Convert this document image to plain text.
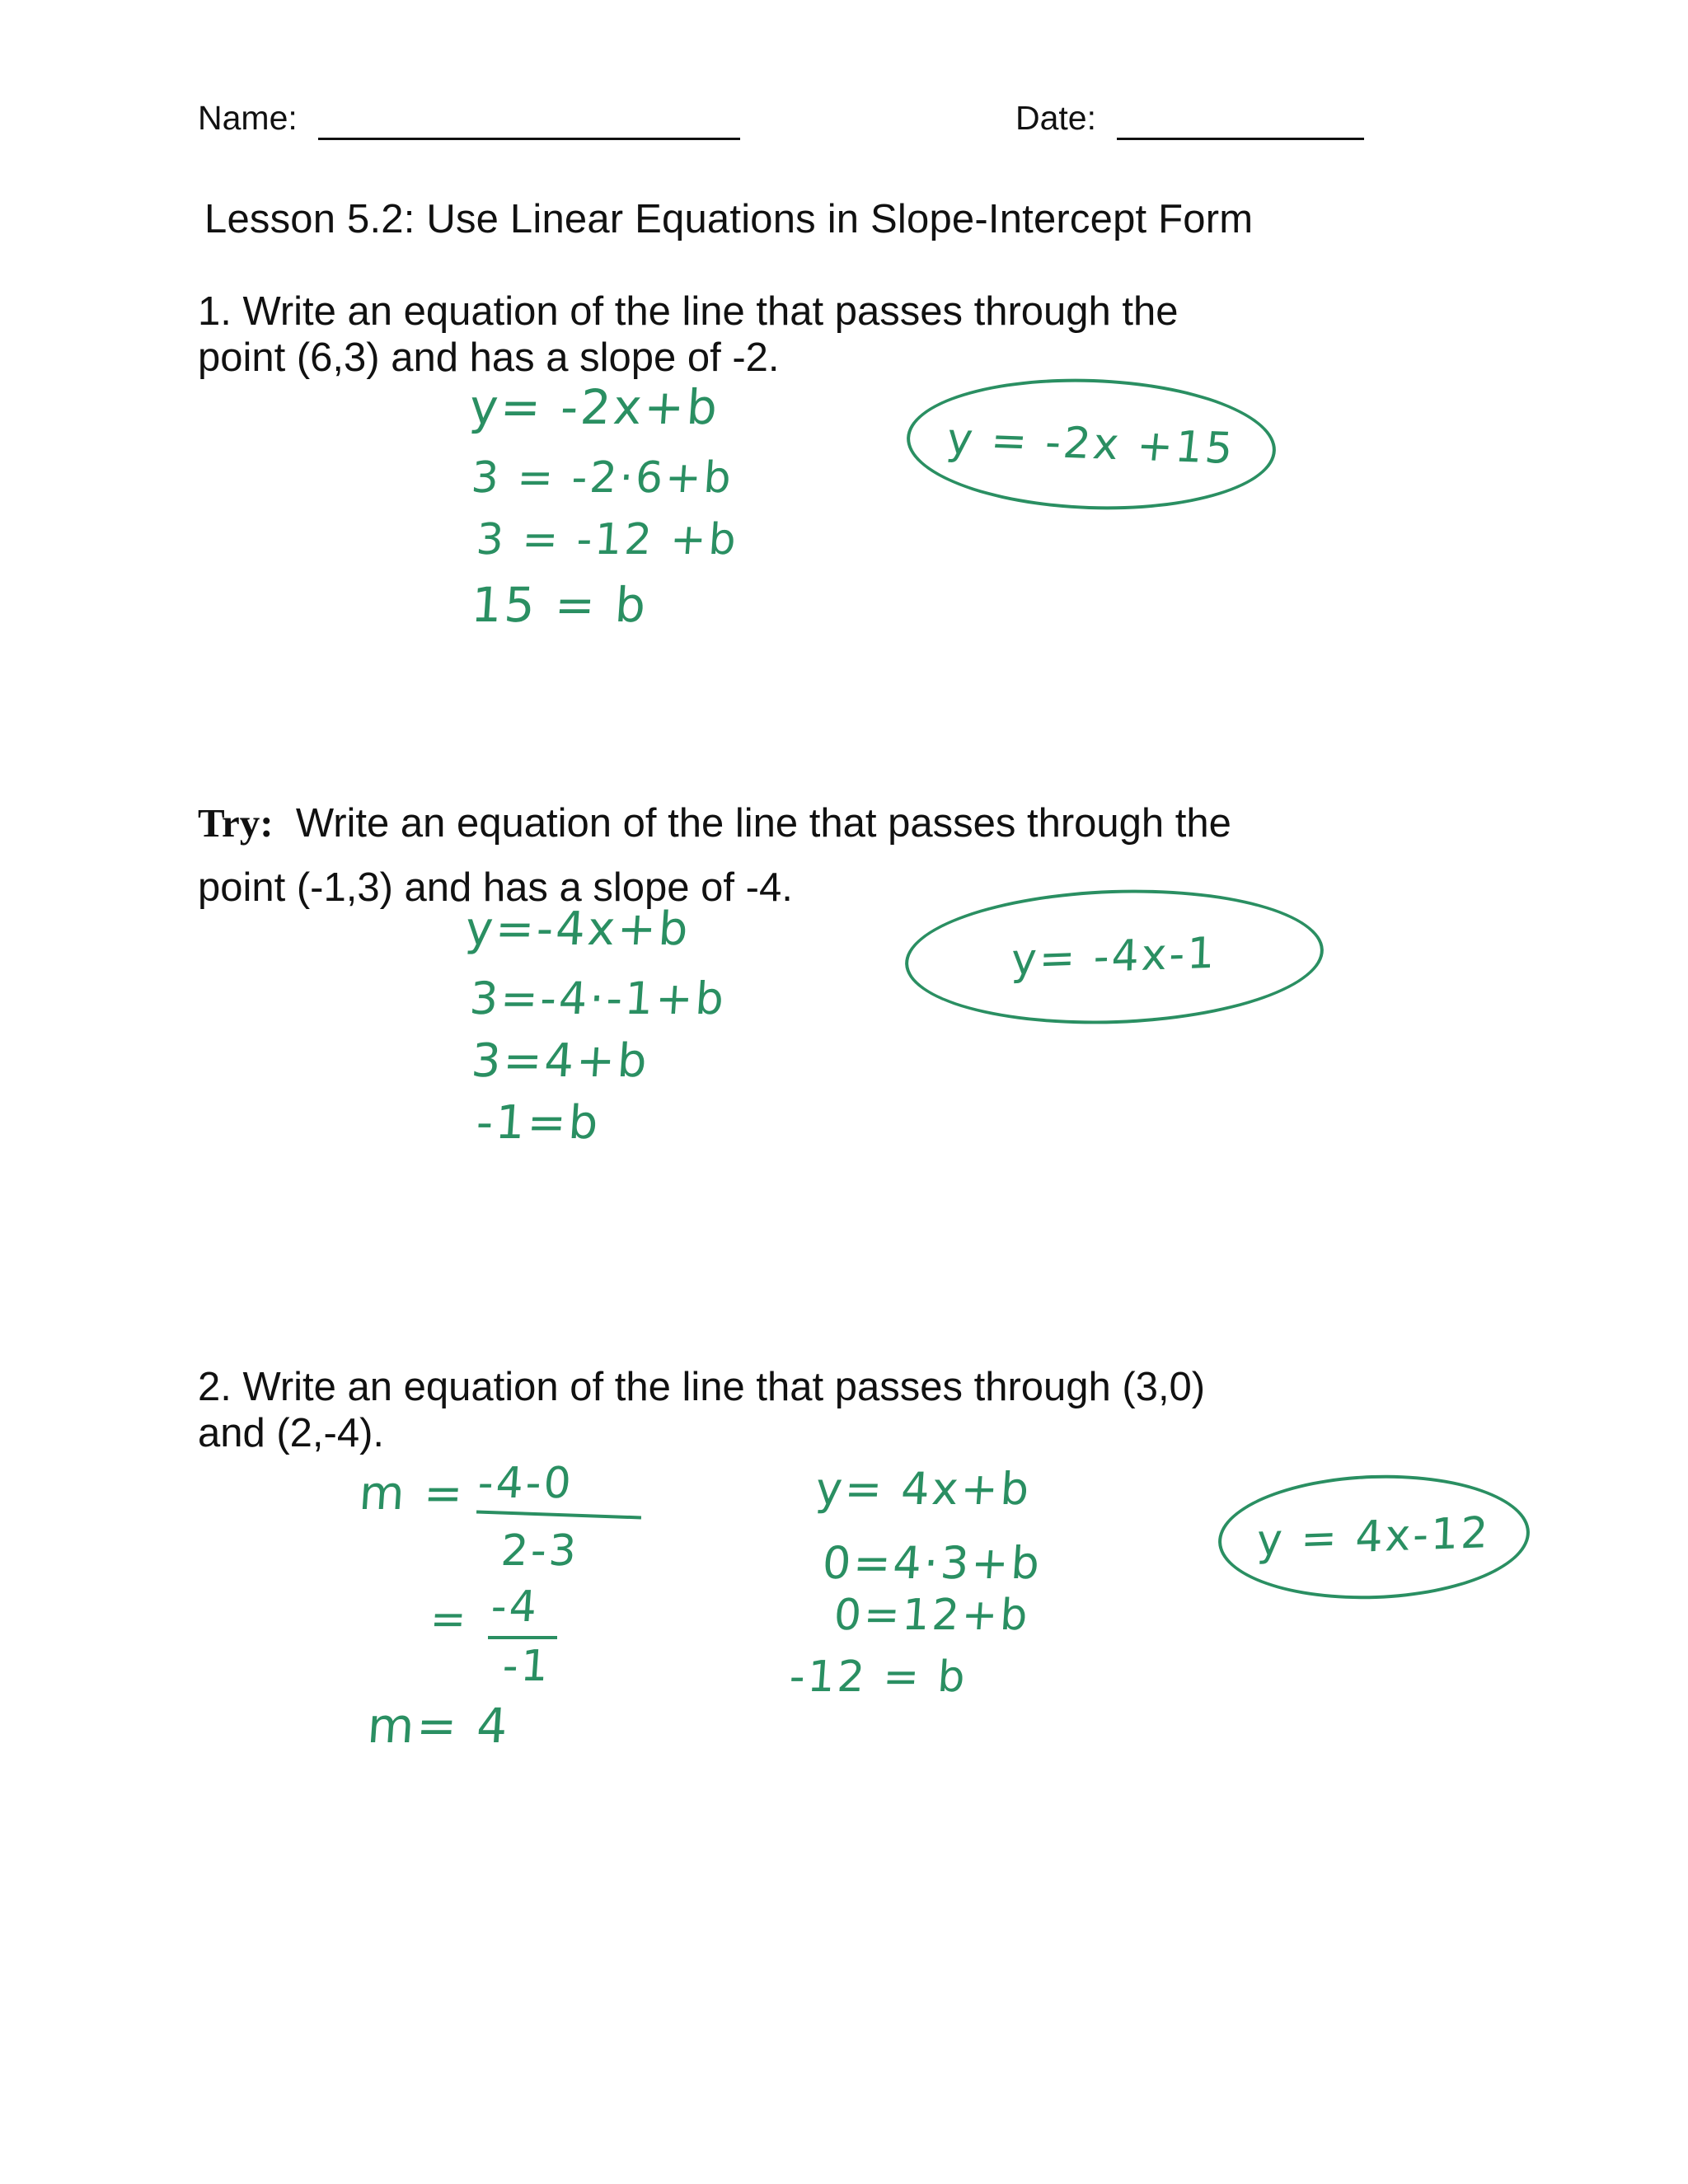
Name:	Date:
Lesson 5.2: Use Linear Equations in Slope-Intercept Form
1. Write an equation of the line that passes through the
point (6,3) and has a slope of -2.
y= -2x+b
3 = -2·6+b
3 = -12 +b
15 = b
y = -2x +15
Try: Write an equation of the line that passes through the
point (-1,3) and has a slope of -4.
y=-4x+b
3=-4·-1+b
3=4+b
-1=b
y= -4x-1
2. Write an equation of the line that passes through (3,0)
and (2,-4).
m = -4-0
2-3
= -4
-1
m= 4
y= 4x+b
0=4·3+b
0=12+b
-12 = b
y = 4x-12
